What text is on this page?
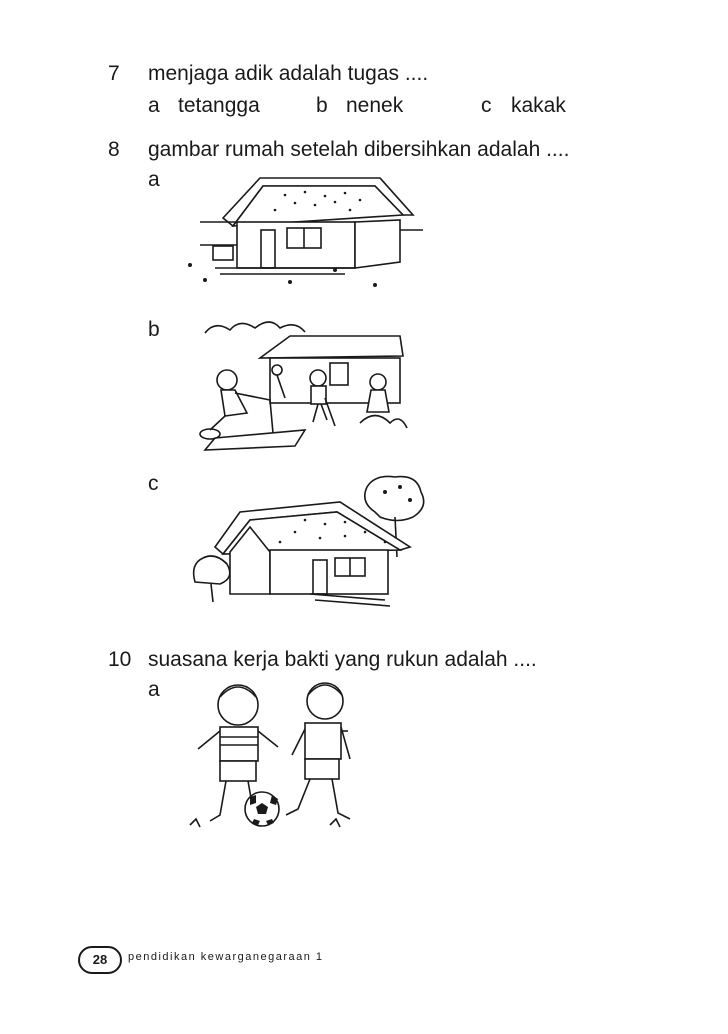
7 menjaga adik adalah tugas ....
a tetangga	b nenek	c kakak
8 gambar rumah setelah dibersihkan adalah ....
a
b
c
10 suasana kerja bakti yang rukun adalah ....
a
28	pendidikan kewarganegaraan 1
